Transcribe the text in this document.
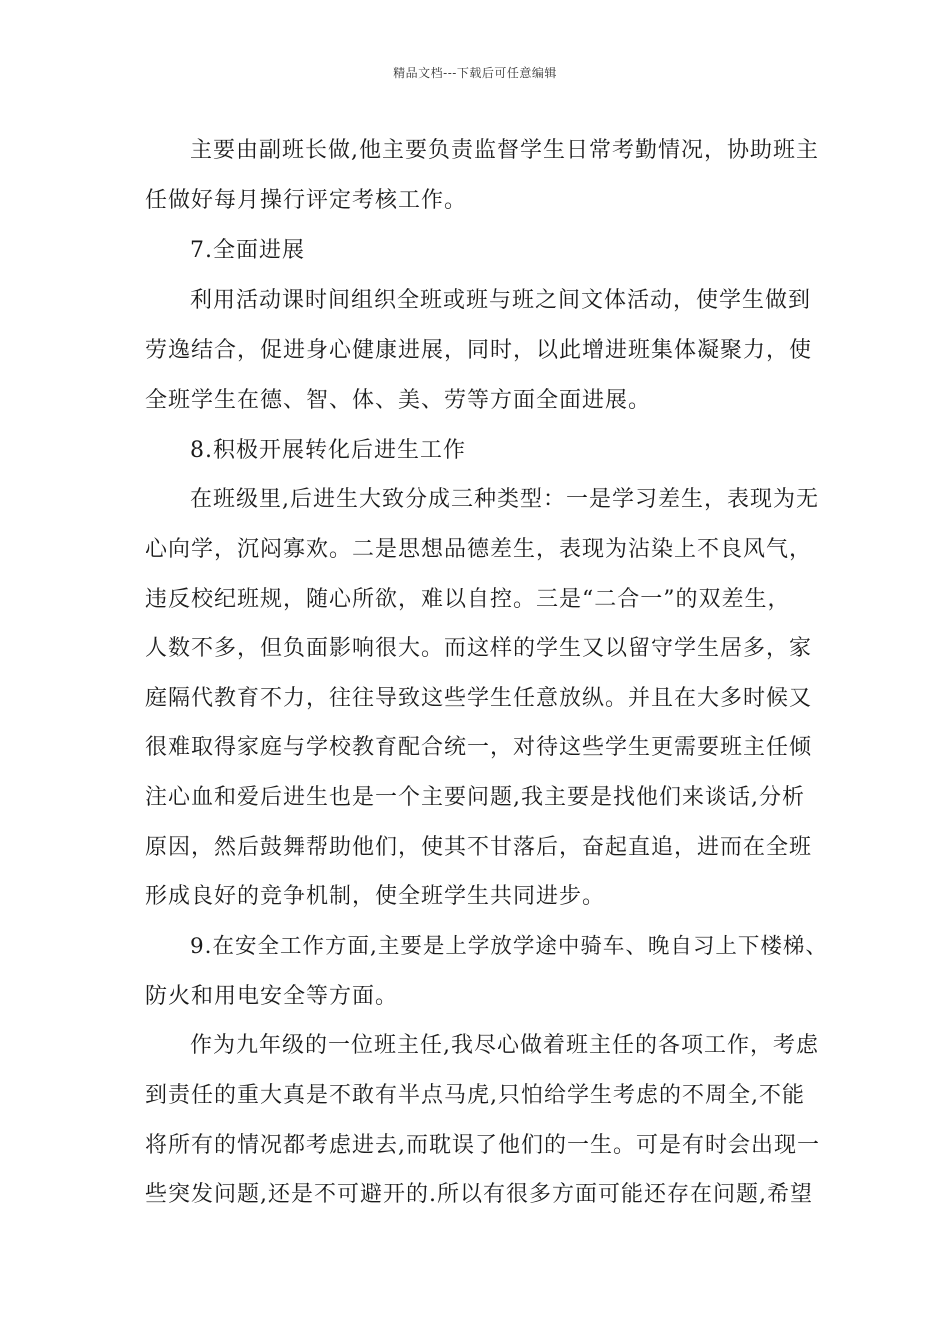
精品文档---下载后可任意编辑
主要由副班长做,他主要负责监督学生日常考勤情况，协助班主
任做好每月操行评定考核工作。
7.全面进展
利用活动课时间组织全班或班与班之间文体活动，使学生做到
劳逸结合，促进身心健康进展，同时，以此增进班集体凝聚力，使
全班学生在德、智、体、美、劳等方面全面进展。
8.积极开展转化后进生工作
在班级里,后进生大致分成三种类型：一是学习差生，表现为无
心向学，沉闷寡欢。二是思想品德差生，表现为沾染上不良风气，
违反校纪班规，随心所欲，难以自控。三是“二合一”的双差生，
人数不多，但负面影响很大。而这样的学生又以留守学生居多，家
庭隔代教育不力，往往导致这些学生任意放纵。并且在大多时候又
很难取得家庭与学校教育配合统一，对待这些学生更需要班主任倾
注心血和爱后进生也是一个主要问题,我主要是找他们来谈话,分析
原因，然后鼓舞帮助他们，使其不甘落后，奋起直追，进而在全班
形成良好的竞争机制，使全班学生共同进步。
9.在安全工作方面,主要是上学放学途中骑车、晚自习上下楼梯、
防火和用电安全等方面。
作为九年级的一位班主任,我尽心做着班主任的各项工作，考虑
到责任的重大真是不敢有半点马虎,只怕给学生考虑的不周全,不能
将所有的情况都考虑进去,而耽误了他们的一生。可是有时会出现一
些突发问题,还是不可避开的.所以有很多方面可能还存在问题,希望
